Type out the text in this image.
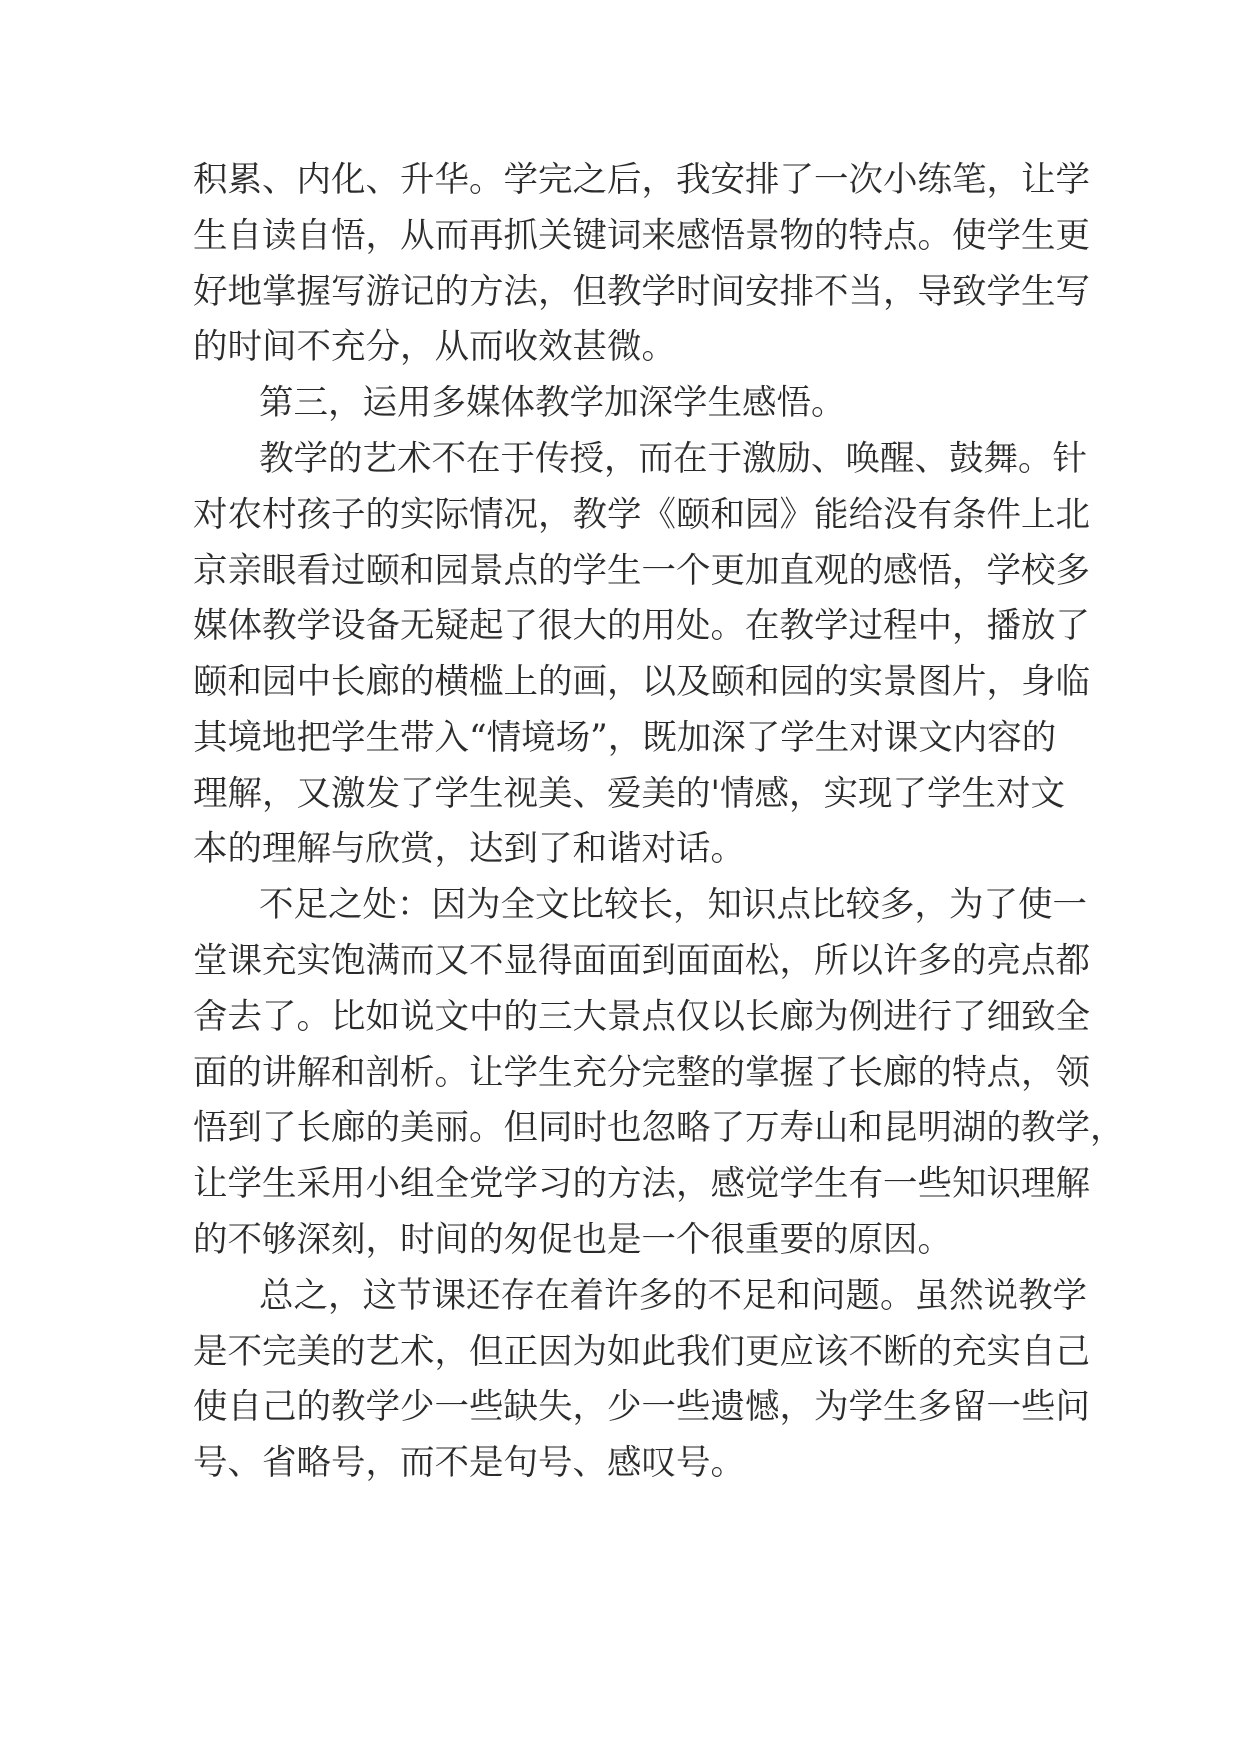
积累、内化、升华。学完之后，我安排了一次小练笔，让学
生自读自悟，从而再抓关键词来感悟景物的特点。使学生更
好地掌握写游记的方法，但教学时间安排不当，导致学生写
的时间不充分，从而收效甚微。
第三，运用多媒体教学加深学生感悟。
教学的艺术不在于传授，而在于激励、唤醒、鼓舞。针
对农村孩子的实际情况，教学《颐和园》能给没有条件上北
京亲眼看过颐和园景点的学生一个更加直观的感悟，学校多
媒体教学设备无疑起了很大的用处。在教学过程中，播放了
颐和园中长廊的横槛上的画，以及颐和园的实景图片，身临
其境地把学生带入“情境场”，既加深了学生对课文内容的
理解，又激发了学生视美、爱美的'情感，实现了学生对文
本的理解与欣赏，达到了和谐对话。
不足之处：因为全文比较长，知识点比较多，为了使一
堂课充实饱满而又不显得面面到面面松，所以许多的亮点都
舍去了。比如说文中的三大景点仅以长廊为例进行了细致全
面的讲解和剖析。让学生充分完整的掌握了长廊的特点，领
悟到了长廊的美丽。但同时也忽略了万寿山和昆明湖的教学，
让学生采用小组全党学习的方法，感觉学生有一些知识理解
的不够深刻，时间的匆促也是一个很重要的原因。
总之，这节课还存在着许多的不足和问题。虽然说教学
是不完美的艺术，但正因为如此我们更应该不断的充实自己
使自己的教学少一些缺失，少一些遗憾，为学生多留一些问
号、省略号，而不是句号、感叹号。
